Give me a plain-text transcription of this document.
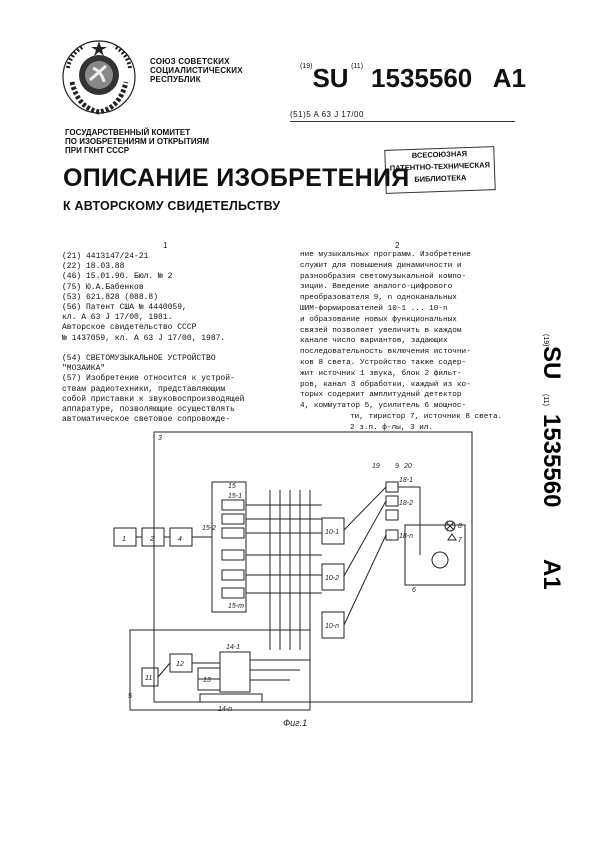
СОЮЗ СОВЕТСКИХ
СОЦИАЛИСТИЧЕСКИХ
РЕСПУБЛИК
$^{(19)}$SU $^{(11)}$ 1535560 A1
(51)5 A 63 J 17/00
ГОСУДАРСТВЕННЫЙ КОМИТЕТ
ПО ИЗОБРЕТЕНИЯМ И ОТКРЫТИЯМ
ПРИ ГКНТ СССР	ВСЕСОЮЗНАЯ
ПАТЕНТНО-ТЕХНИЧЕСКАЯ
БИБЛИОТЕКА
ОПИСАНИЕ ИЗОБРЕТЕНИЯ
К АВТОРСКОМУ СВИДЕТЕЛЬСТВУ
1	2
(21) 4413147/24-21
(22) 18.03.88
(46) 15.01.90. Бюл. № 2
(75) Ю.А.Бабенков
(53) 621.828 (088.8)
(56) Патент США № 4440059,
кл. A 63 J 17/00, 1981.
Авторское свидетельство СССР
№ 1437059, кл. A 63 J 17/00, 1987.

(54) СВЕТОМУЗЫКАЛЬНОЕ УСТРОЙСТВО
"МОЗАИКА"
(57) Изобретение относится к устрой-
ствам радиотехники, представляющим
собой приставки к звуковоспроизводящей
аппаратуре, позволяющие осуществлять
автоматическое световое сопровожде-
ние музыкальных программ. Изобретение
служит для повышения динамичности и
разнообразия светомузыкальной компо-
зиции. Введение аналого-цифрового
преобразователя 9, n одноканальных
ШИМ-формирователей 10-1 ... 10-n
и образование новых функциональных
связей позволяет увеличить в каждом
канале число вариантов, задающих
последовательность включения источни-
ков 8 света. Устройство также содер-
жит источник 1 звука, блок 2 фильт-
ров, канал 3 обработки, каждый из ко-
торых содержит амплитудный детектор
4, коммутатор 5, усилитель 6 мощнос-
ти, тиристор 7, источник 8 света.
2 з.п. ф-лы, 3 ил.
(19)
SU
(11)
1535560
A1
1	2	4
3
5
6
11
12
13
14-1
14-n
15
15-1
15-2
15-m
10-1
10-2
10-n
19	20
18-1
18-2
18-n
8
7
9
Фиг.1
